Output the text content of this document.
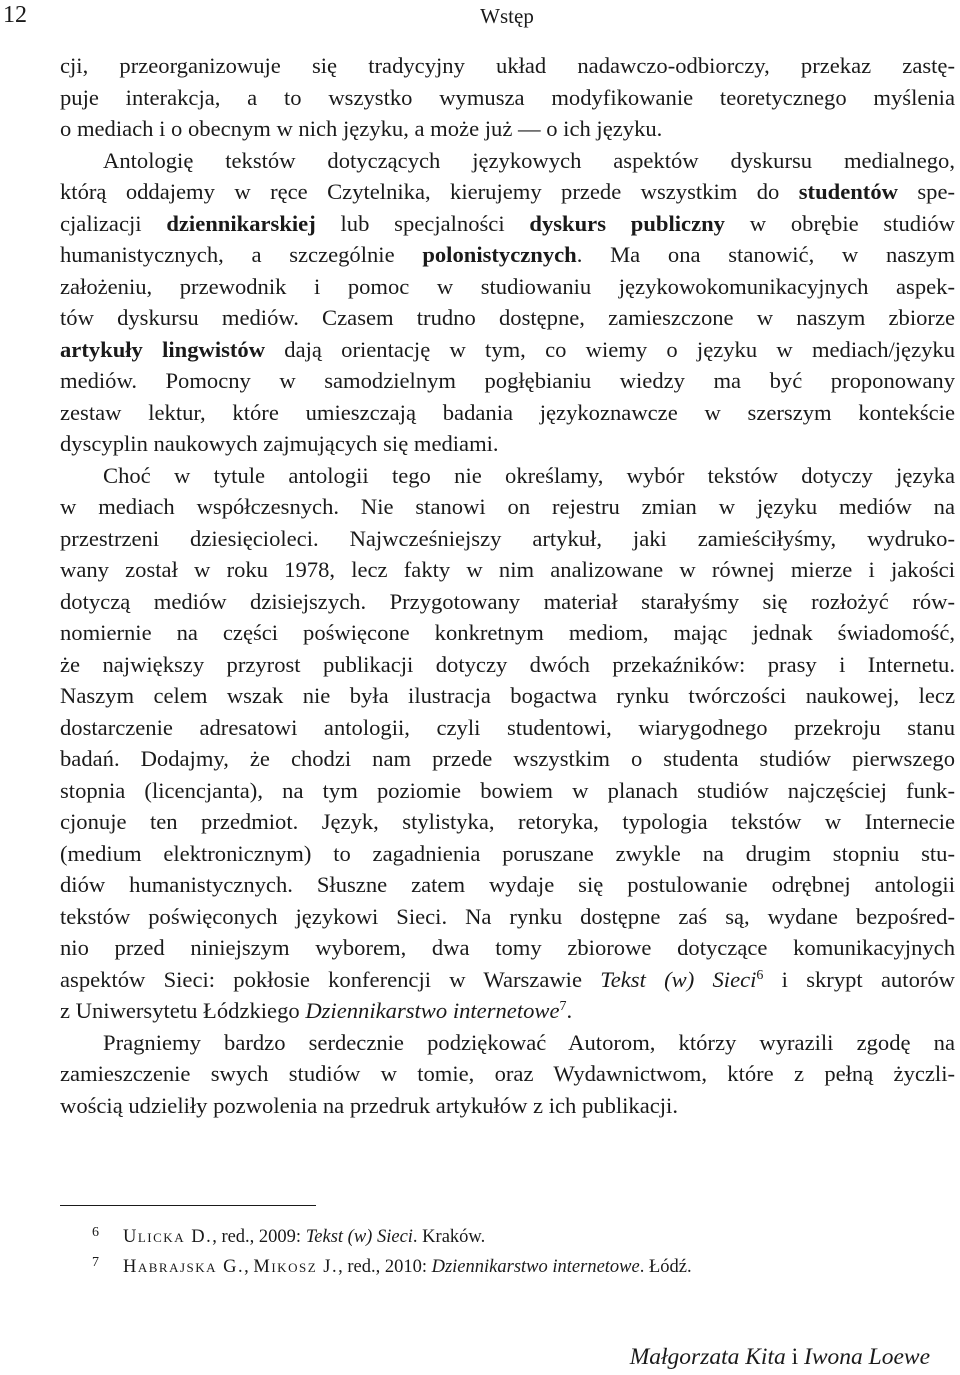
12	Wstęp
cji, przeorganizowuje się tradycyjny układ nadawczo-odbiorczy, przekaz zastę-
puje interakcja, a to wszystko wymusza modyfikowanie teoretycznego myślenia
o mediach i o obecnym w nich języku, a może już — o ich języku.
Antologię tekstów dotyczących językowych aspektów dyskursu medialnego,
którą oddajemy w ręce Czytelnika, kierujemy przede wszystkim do studentów spe-
cjalizacji dziennikarskiej lub specjalności dyskurs publiczny w obrębie studiów
humanistycznych, a szczególnie polonistycznych. Ma ona stanowić, w naszym
założeniu, przewodnik i pomoc w studiowaniu językowokomunikacyjnych aspek-
tów dyskursu mediów. Czasem trudno dostępne, zamieszczone w naszym zbiorze
artykuły lingwistów dają orientację w tym, co wiemy o języku w mediach/języku
mediów. Pomocny w samodzielnym pogłębianiu wiedzy ma być proponowany
zestaw lektur, które umieszczają badania językoznawcze w szerszym kontekście
dyscyplin naukowych zajmujących się mediami.
Choć w tytule antologii tego nie określamy, wybór tekstów dotyczy języka
w mediach współczesnych. Nie stanowi on rejestru zmian w języku mediów na
przestrzeni dziesięcioleci. Najwcześniejszy artykuł, jaki zamieściłyśmy, wydruko-
wany został w roku 1978, lecz fakty w nim analizowane w równej mierze i jakości
dotyczą mediów dzisiejszych. Przygotowany materiał starałyśmy się rozłożyć rów-
nomiernie na części poświęcone konkretnym mediom, mając jednak świadomość,
że największy przyrost publikacji dotyczy dwóch przekaźników: prasy i Internetu.
Naszym celem wszak nie była ilustracja bogactwa rynku twórczości naukowej, lecz
dostarczenie adresatowi antologii, czyli studentowi, wiarygodnego przekroju stanu
badań. Dodajmy, że chodzi nam przede wszystkim o studenta studiów pierwszego
stopnia (licencjanta), na tym poziomie bowiem w planach studiów najczęściej funk-
cjonuje ten przedmiot. Język, stylistyka, retoryka, typologia tekstów w Internecie
(medium elektronicznym) to zagadnienia poruszane zwykle na drugim stopniu stu-
diów humanistycznych. Słuszne zatem wydaje się postulowanie odrębnej antologii
tekstów poświęconych językowi Sieci. Na rynku dostępne zaś są, wydane bezpośred-
nio przed niniejszym wyborem, dwa tomy zbiorowe dotyczące komunikacyjnych
aspektów Sieci: pokłosie konferencji w Warszawie Tekst (w) Sieci$^6$ i skrypt autorów
z Uniwersytetu Łódzkiego Dziennikarstwo internetowe$^7$.
Pragniemy bardzo serdecznie podziękować Autorom, którzy wyrazili zgodę na
zamieszczenie swych studiów w tomie, oraz Wydawnictwom, które z pełną życzli-
wością udzieliły pozwolenia na przedruk artykułów z ich publikacji.
6 Ulicka D., red., 2009: Tekst (w) Sieci. Kraków.
7 Habrajska G., Mikosz J., red., 2010: Dziennikarstwo internetowe. Łódź.
Małgorzata Kita i Iwona Loewe
